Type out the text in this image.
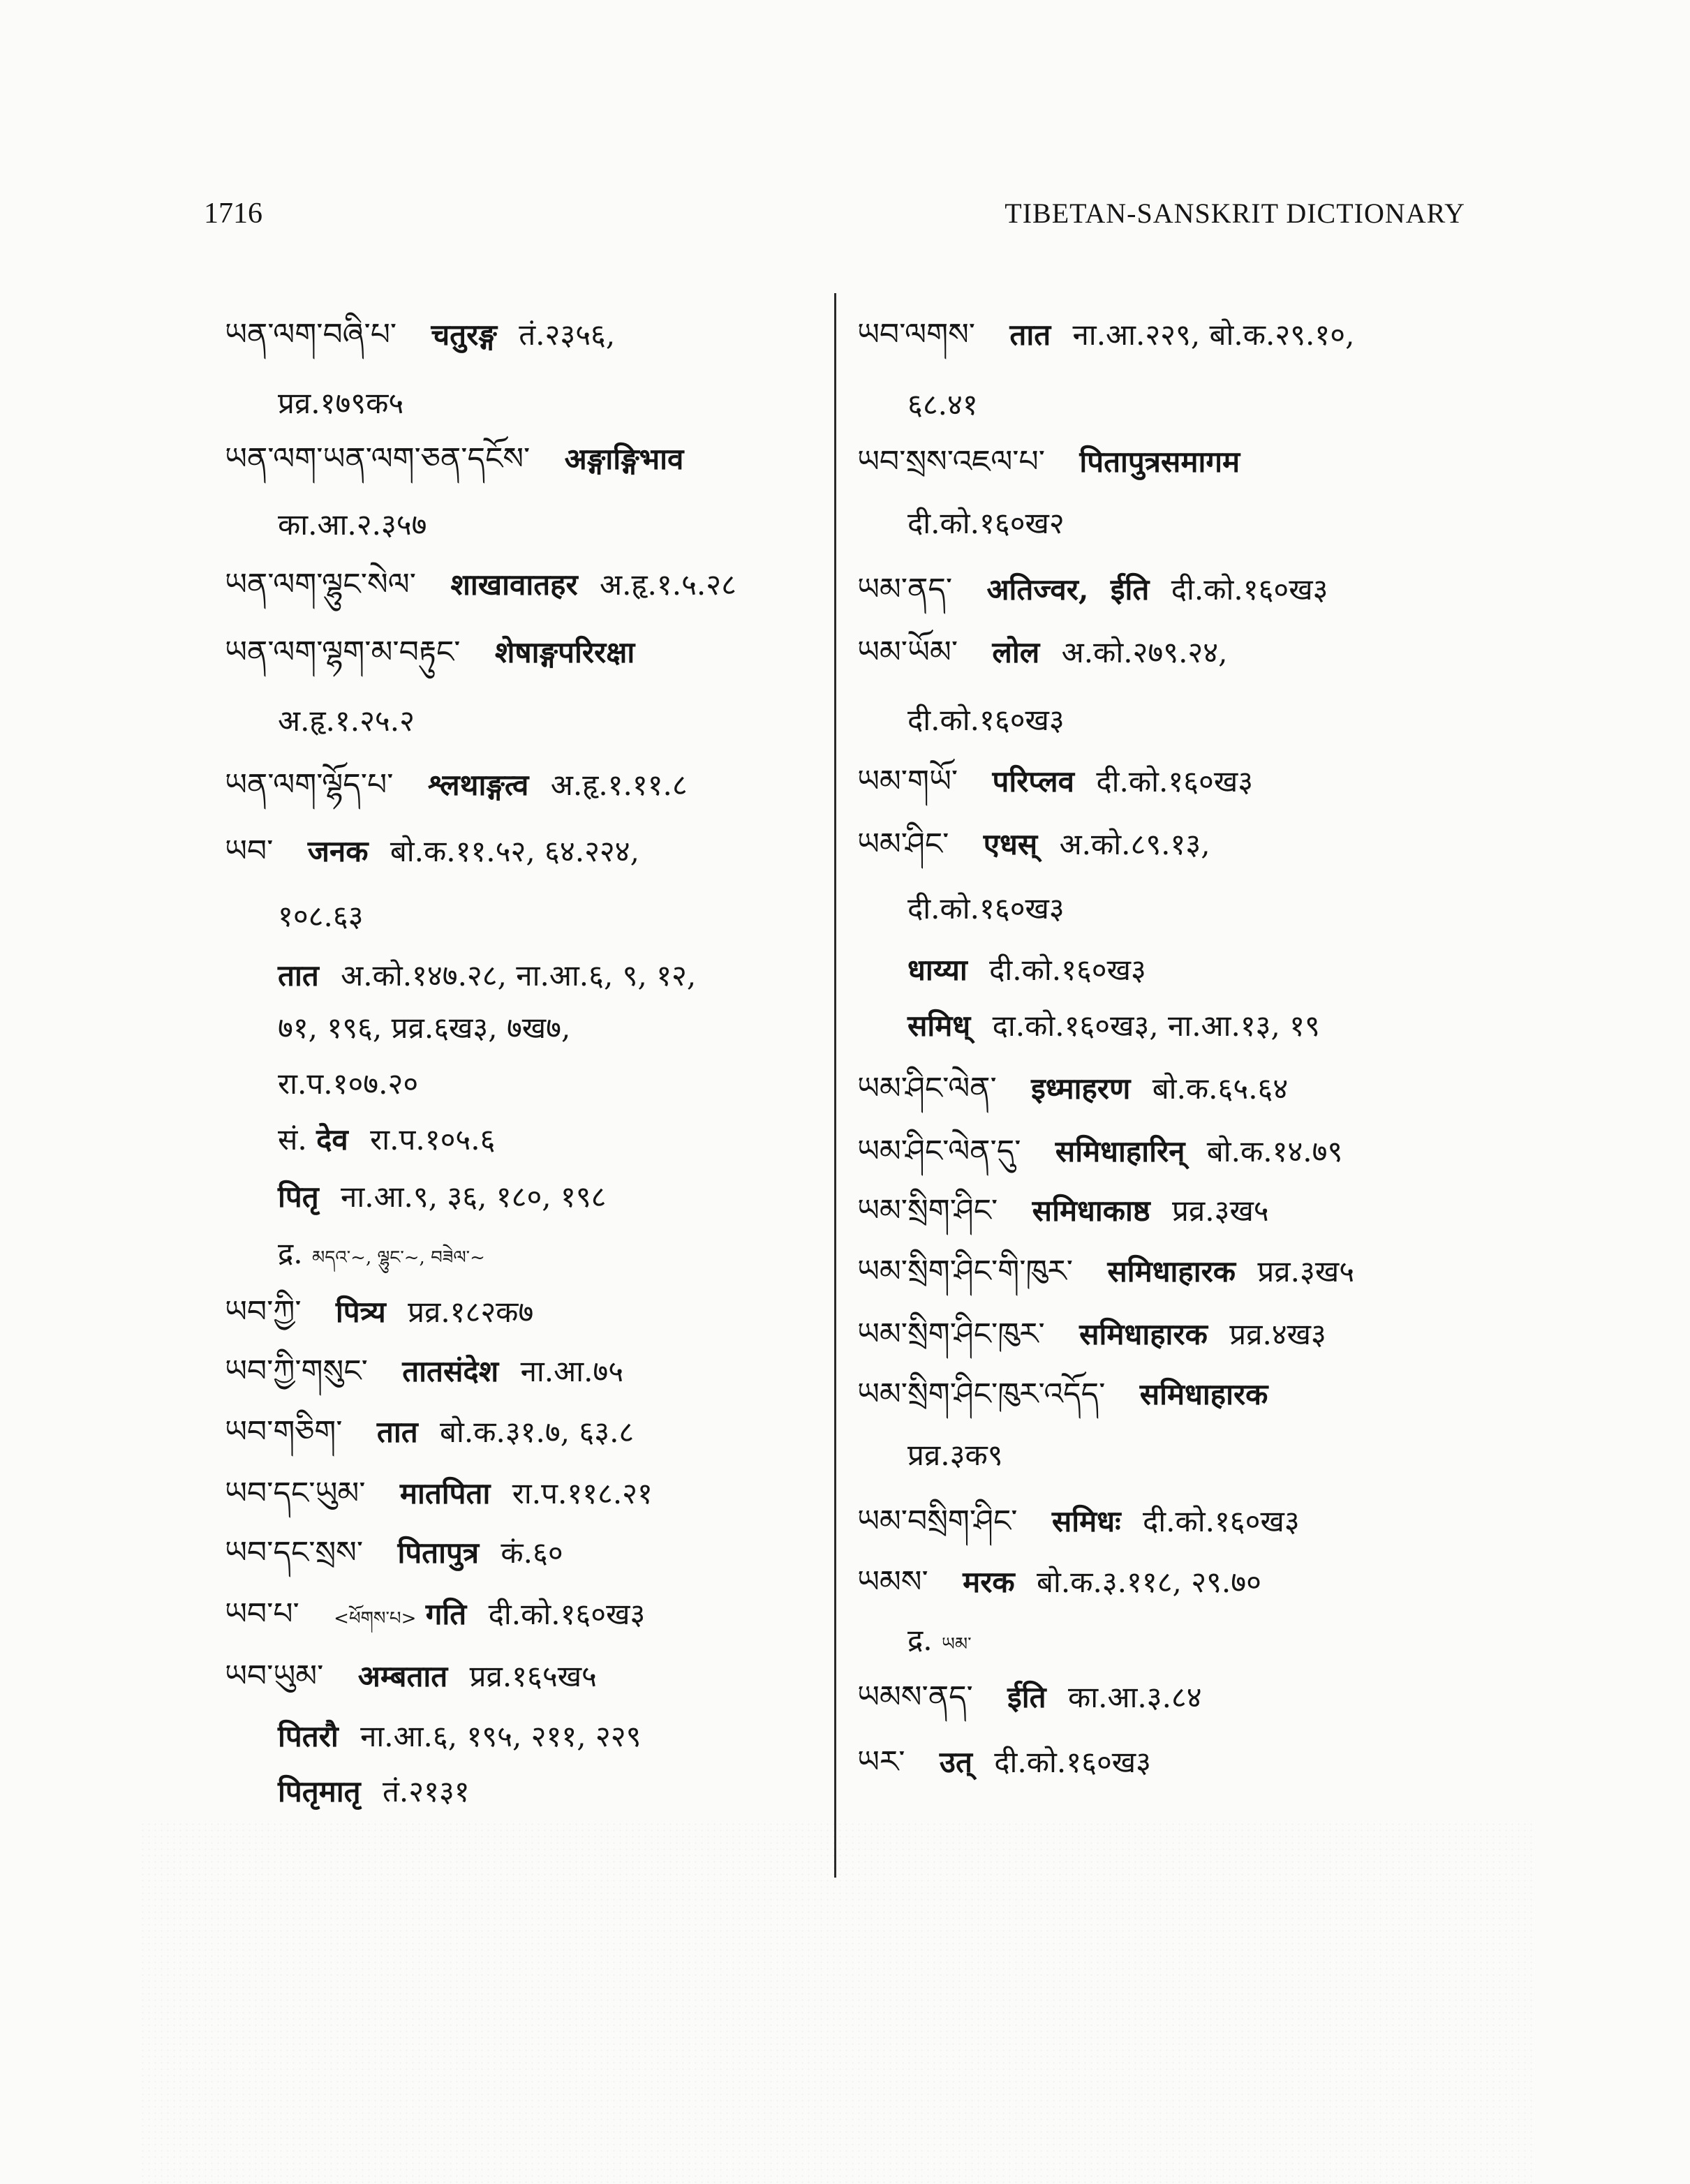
1716	TIBETAN-SANSKRIT DICTIONARY
ཡན་ལག་བཞི་པ་ चतुरङ्ग तं.२३५६,
प्रव्र.१७९क५
ཡན་ལག་ཡན་ལག་ཅན་དངོས་ अङ्गाङ्गिभाव
का.आ.२.३५७
ཡན་ལག་ལྷུང་སེལ་ शाखावातहर अ.हृ.१.५.२८
ཡན་ལག་ལྷག་མ་བརྟུང་ शेषाङ्गपरिरक्षा
अ.हृ.१.२५.२
ཡན་ལག་ལྷོད་པ་ श्लथाङ्गत्व अ.हृ.१.११.८
ཡབ་ जनक बो.क.११.५२, ६४.२२४,
१०८.६३
तात अ.को.१४७.२८, ना.आ.६, ९, १२,
७१, १९६, प्रव्र.६ख३, ७ख७,
रा.प.१०७.२०
सं. देव रा.प.१०५.६
पितृ ना.आ.९, ३६, १८०, १९८
द्र. མདའ་~, ལྷུང་~, བཟེལ་~
ཡབ་ཀྱི་ पित्र्य प्रव्र.१८२क७
ཡབ་ཀྱི་གསུང་ तातसंदेश ना.आ.७५
ཡབ་གཅིག་ तात बो.क.३१.७, ६३.८
ཡབ་དང་ཡུམ་ मातपिता रा.प.११८.२१
ཡབ་དང་སྲས་ पितापुत्र कं.६०
ཡབ་པ་ <ཕོགས་པ> गति दी.को.१६०ख३
ཡབ་ཡུམ་ अम्बतात प्रव्र.१६५ख५
पितरौ ना.आ.६, १९५, २११, २२९
पितृमातृ तं.२१३१
ཡབ་ལགས་ तात ना.आ.२२९, बो.क.२९.१०,
६८.४१
ཡབ་སྲས་འཇལ་པ་ पितापुत्रसमागम
दी.को.१६०ख२
ཡམ་ནད་ अतिज्वर, ईति दी.को.१६०ख३
ཡམ་ཡོམ་ लोल अ.को.२७९.२४,
दी.को.१६०ख३
ཡམ་གཡོ་ परिप्लव दी.को.१६०ख३
ཡམ་ཤིང་ एधस् अ.को.८९.१३,
दी.को.१६०ख३
धाय्या दी.को.१६०ख३
समिध् दा.को.१६०ख३, ना.आ.१३, १९
ཡམ་ཤིང་ལེན་ इध्माहरण बो.क.६५.६४
ཡམ་ཤིང་ལེན་དུ་ समिधाहारिन् बो.क.१४.७९
ཡམ་སྲིག་ཤིང་ समिधाकाष्ठ प्रव्र.३ख५
ཡམ་སྲིག་ཤིང་གི་ཁུར་ समिधाहारक प्रव्र.३ख५
ཡམ་སྲིག་ཤིང་ཁུར་ समिधाहारक प्रव्र.४ख३
ཡམ་སྲིག་ཤིང་ཁུར་འདོད་ समिधाहारक
प्रव्र.३क९
ཡམ་བསྲིག་ཤིང་ समिधः दी.को.१६०ख३
ཡམས་ मरक बो.क.३.११८, २९.७०
द्र. ཡམ་
ཡམས་ནད་ ईति का.आ.३.८४
ཡར་ उत् दी.को.१६०ख३
